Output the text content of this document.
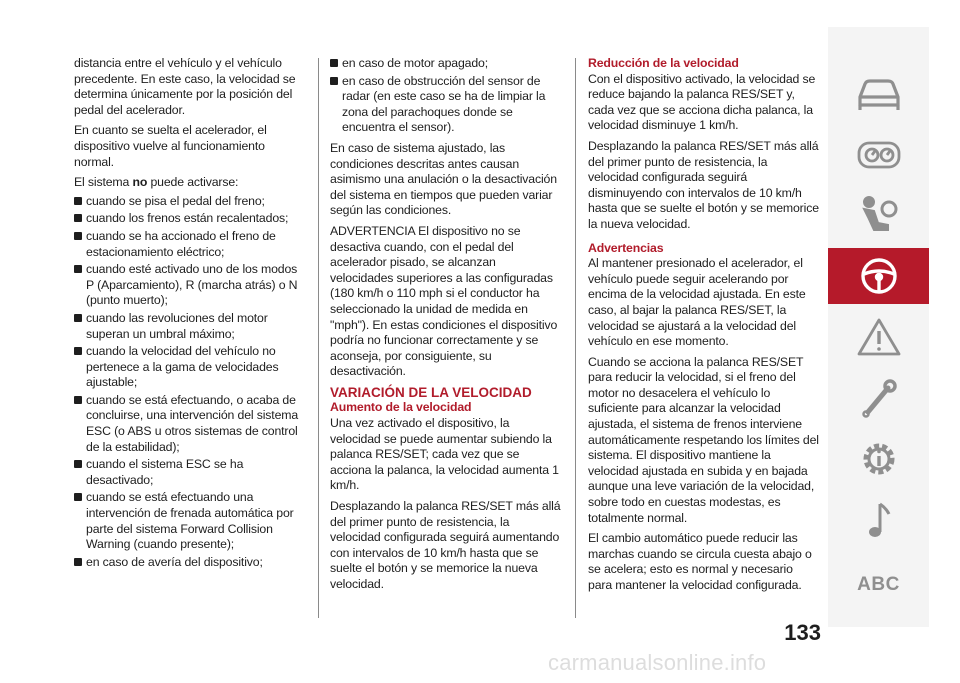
distancia entre el vehículo y el vehículo precedente. En este caso, la velocidad se determina únicamente por la posición del pedal del acelerador.

En cuanto se suelta el acelerador, el dispositivo vuelve al funcionamiento normal.

El sistema no puede activarse:

cuando se pisa el pedal del freno;
cuando los frenos están recalentados;
cuando se ha accionado el freno de estacionamiento eléctrico;
cuando esté activado uno de los modos P (Aparcamiento), R (marcha atrás) o N (punto muerto);
cuando las revoluciones del motor superan un umbral máximo;
cuando la velocidad del vehículo no pertenece a la gama de velocidades ajustable;
cuando se está efectuando, o acaba de concluirse, una intervención del sistema ESC (o ABS u otros sistemas de control de la estabilidad);
cuando el sistema ESC se ha desactivado;
cuando se está efectuando una intervención de frenada automática por parte del sistema Forward Collision Warning (cuando presente);
en caso de avería del dispositivo;
en caso de motor apagado;
en caso de obstrucción del sensor de radar (en este caso se ha de limpiar la zona del parachoques donde se encuentra el sensor).

En caso de sistema ajustado, las condiciones descritas antes causan asimismo una anulación o la desactivación del sistema en tiempos que pueden variar según las condiciones.

ADVERTENCIA El dispositivo no se desactiva cuando, con el pedal del acelerador pisado, se alcanzan velocidades superiores a las configuradas (180 km/h o 110 mph si el conductor ha seleccionado la unidad de medida en "mph"). En estas condiciones el dispositivo podría no funcionar correctamente y se aconseja, por consiguiente, su desactivación.

VARIACIÓN DE LA VELOCIDAD
Aumento de la velocidad

Una vez activado el dispositivo, la velocidad se puede aumentar subiendo la palanca RES/SET; cada vez que se acciona la palanca, la velocidad aumenta 1 km/h.

Desplazando la palanca RES/SET más allá del primer punto de resistencia, la velocidad configurada seguirá aumentando con intervalos de 10 km/h hasta que se suelte el botón y se memorice la nueva velocidad.

Reducción de la velocidad

Con el dispositivo activado, la velocidad se reduce bajando la palanca RES/SET y, cada vez que se acciona dicha palanca, la velocidad disminuye 1 km/h.

Desplazando la palanca RES/SET más allá del primer punto de resistencia, la velocidad configurada seguirá disminuyendo con intervalos de 10 km/h hasta que se suelte el botón y se memorice la nueva velocidad.

Advertencias

Al mantener presionado el acelerador, el vehículo puede seguir acelerando por encima de la velocidad ajustada. En este caso, al bajar la palanca RES/SET, la velocidad se ajustará a la velocidad del vehículo en ese momento.

Cuando se acciona la palanca RES/SET para reducir la velocidad, si el freno del motor no desacelera el vehículo lo suficiente para alcanzar la velocidad ajustada, el sistema de frenos interviene automáticamente respetando los límites del sistema. El dispositivo mantiene la velocidad ajustada en subida y en bajada aunque una leve variación de la velocidad, sobre todo en cuestas modestas, es totalmente normal.

El cambio automático puede reducir las marchas cuando se circula cuesta abajo o se acelera; esto es normal y necesario para mantener la velocidad configurada.	ABC
133
carmanualsonline.info
